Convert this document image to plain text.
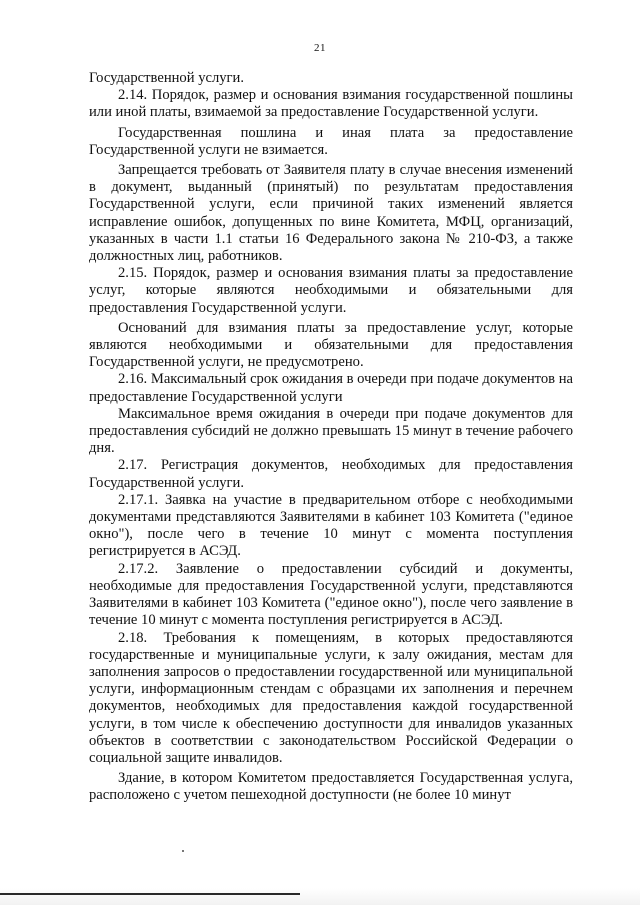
21

Государственной услуги.

2.14. Порядок, размер и основания взимания государственной пошлины или иной платы, взимаемой за предоставление Государственной услуги.

Государственная пошлина и иная плата за предоставление Государственной услуги не взимается.

Запрещается требовать от Заявителя плату в случае внесения изменений в документ, выданный (принятый) по результатам предоставления Государственной услуги, если причиной таких изменений является исправление ошибок, допущенных по вине Комитета, МФЦ, организаций, указанных в части 1.1 статьи 16 Федерального закона № 210-ФЗ, а также должностных лиц, работников.

2.15. Порядок, размер и основания взимания платы за предоставление услуг, которые являются необходимыми и обязательными для предоставления Государственной услуги.

Оснований для взимания платы за предоставление услуг, которые являются необходимыми и обязательными для предоставления Государственной услуги, не предусмотрено.

2.16. Максимальный срок ожидания в очереди при подаче документов на предоставление Государственной услуги

Максимальное время ожидания в очереди при подаче документов для предоставления субсидий не должно превышать 15 минут в течение рабочего дня.

2.17. Регистрация документов, необходимых для предоставления Государственной услуги.

2.17.1. Заявка на участие в предварительном отборе с необходимыми документами представляются Заявителями в кабинет 103 Комитета ("единое окно"), после чего в течение 10 минут с момента поступления регистрируется в АСЭД.

2.17.2. Заявление о предоставлении субсидий и документы, необходимые для предоставления Государственной услуги, представляются Заявителями в кабинет 103 Комитета ("единое окно"), после чего заявление в течение 10 минут с момента поступления регистрируется в АСЭД.

2.18. Требования к помещениям, в которых предоставляются государственные и муниципальные услуги, к залу ожидания, местам для заполнения запросов о предоставлении государственной или муниципальной услуги, информационным стендам с образцами их заполнения и перечнем документов, необходимых для предоставления каждой государственной услуги, в том числе к обеспечению доступности для инвалидов указанных объектов в соответствии с законодательством Российской Федерации о социальной защите инвалидов.

Здание, в котором Комитетом предоставляется Государственная услуга, расположено с учетом пешеходной доступности (не более 10 минут
